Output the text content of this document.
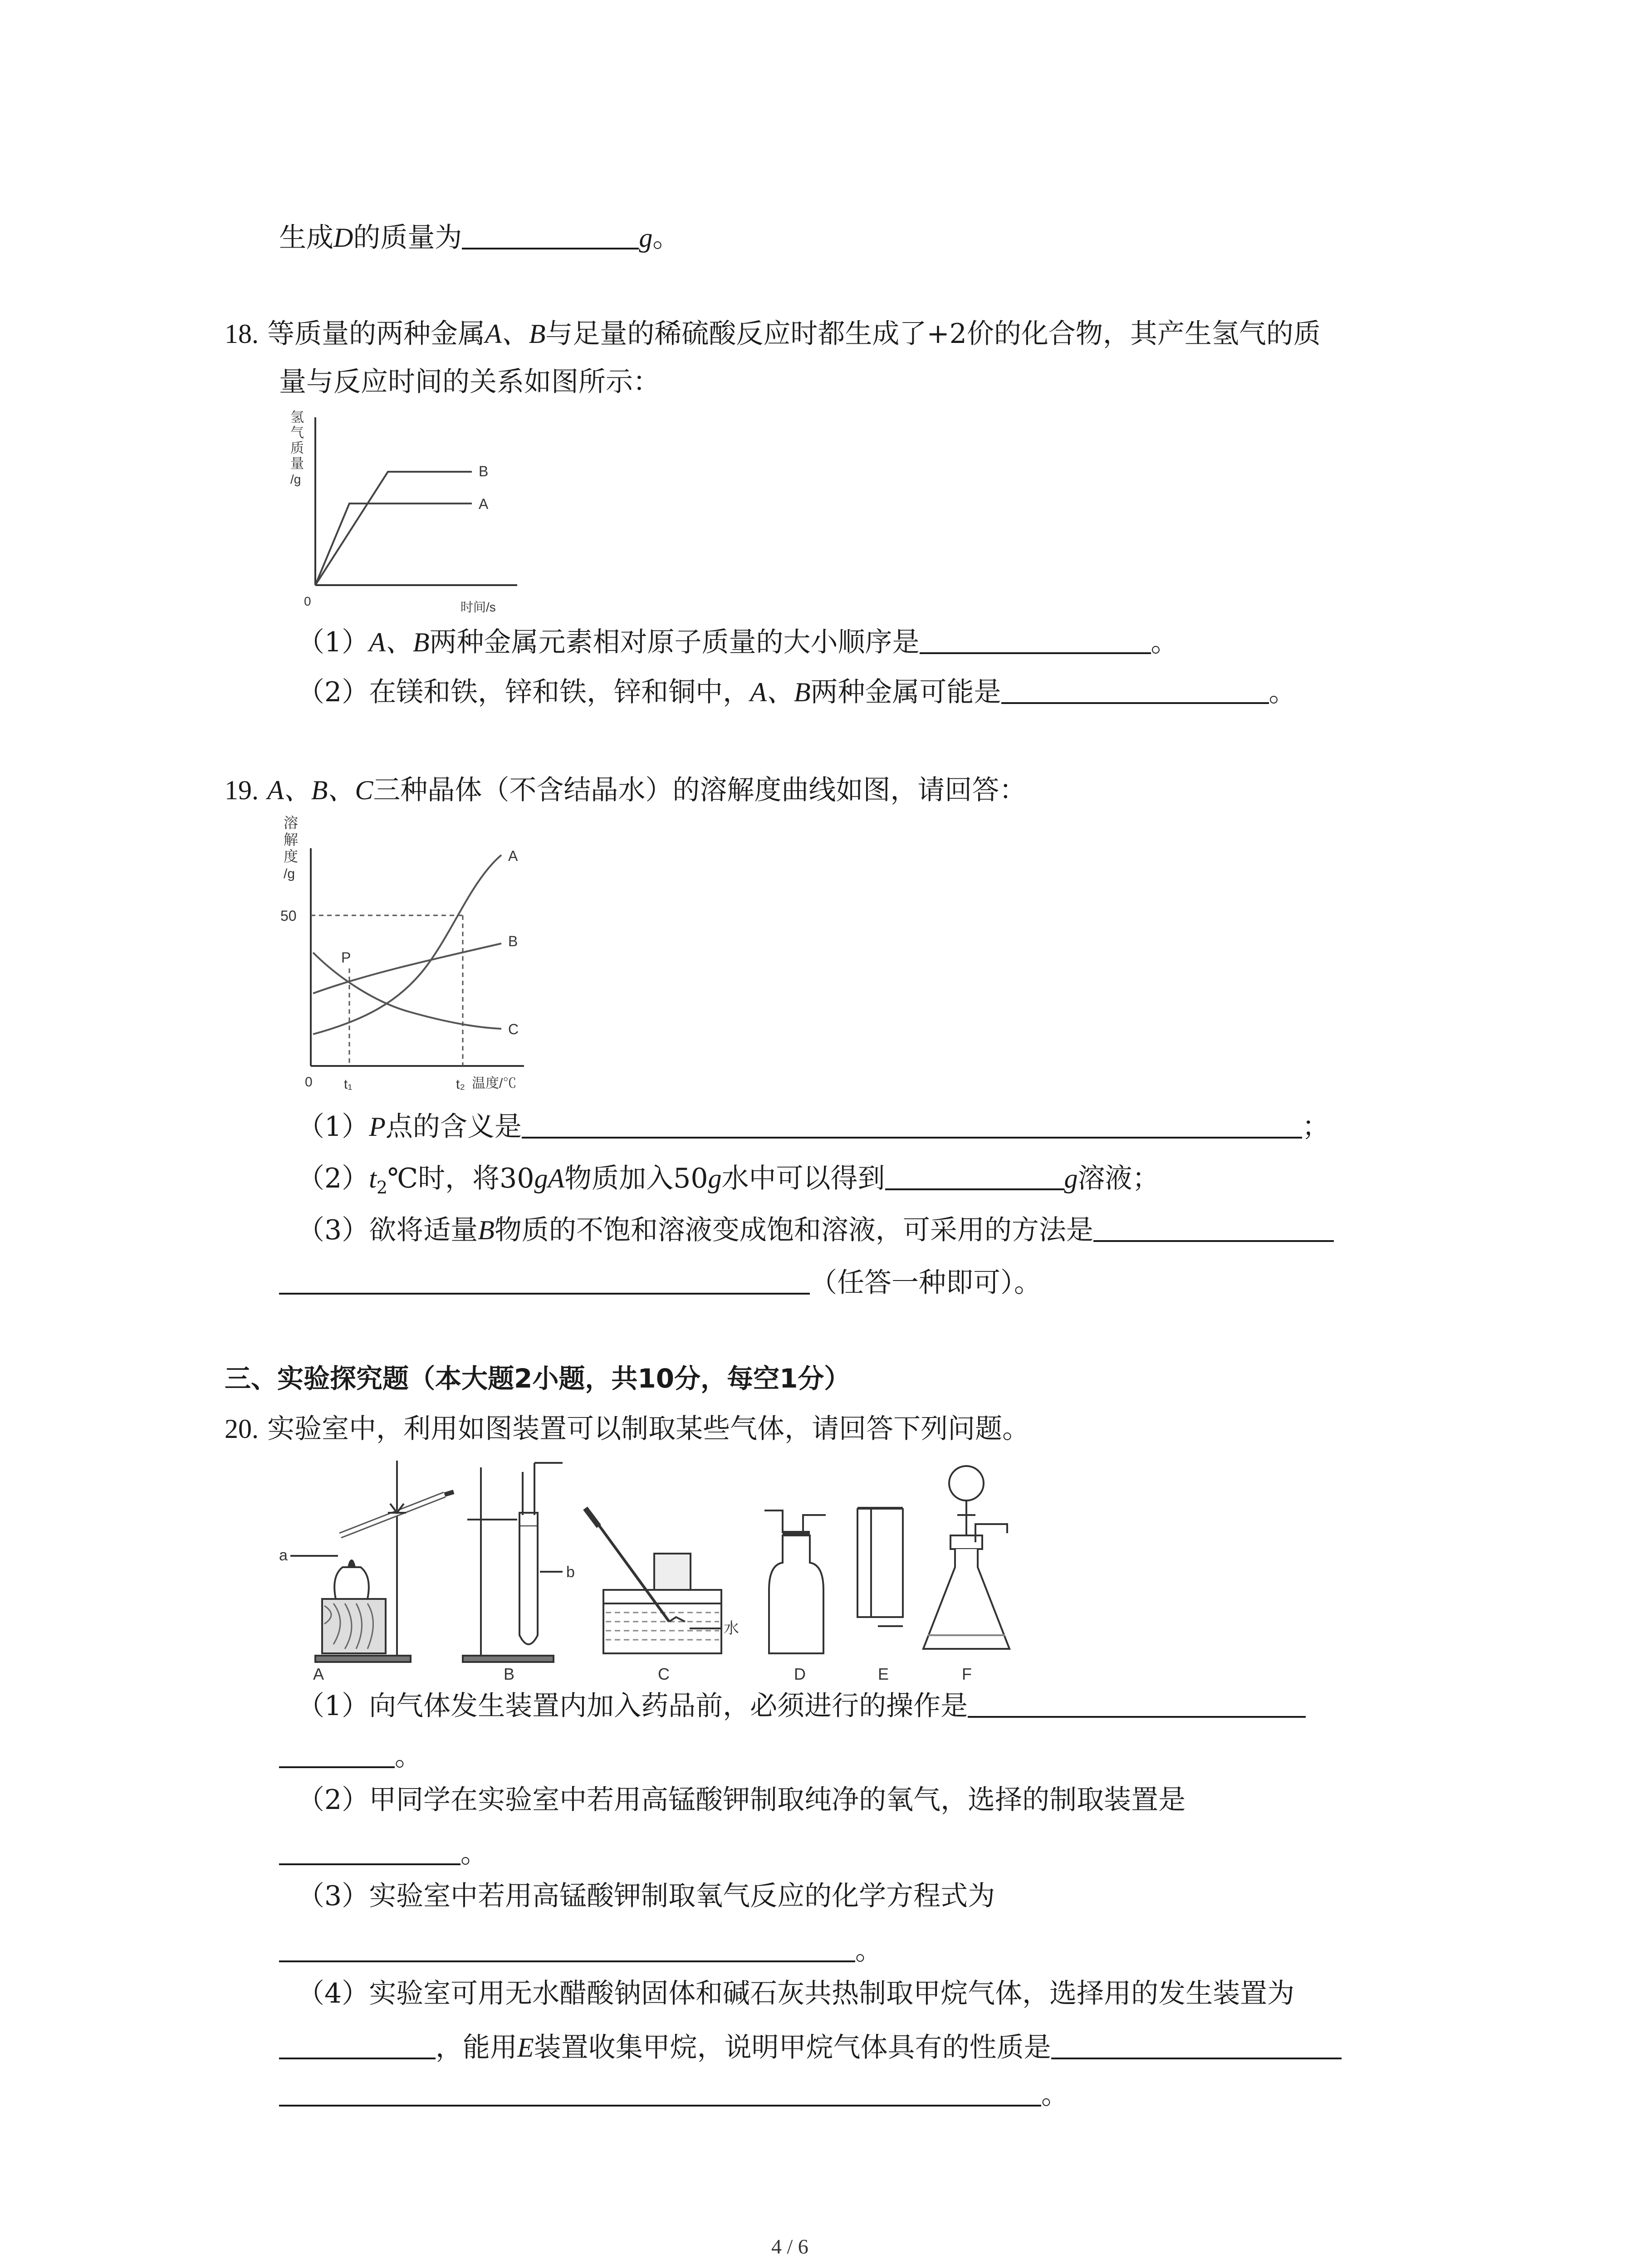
生成D的质量为	g。
18. 等质量的两种金属A、B与足量的稀硫酸反应时都生成了+2价的化合物，其产生氢气的质
量与反应时间的关系如图所示：
氢
气
质
量
/g	B
A
0	时间/s
（1）A、B两种金属元素相对原子质量的大小顺序是	。
（2）在镁和铁，锌和铁，锌和铜中，A、B两种金属可能是	。
19. A、B、C三种晶体（不含结晶水）的溶解度曲线如图，请回答：
溶
解
度
/g
50
A
B
C
P
0 t₁	t₂ 温度/℃
（1）P点的含义是	；
$(2)t_2℃$时，将30gA物质加入50g水中可以得到	g溶液；
（3）欲将适量B物质的不饱和溶液变成饱和溶液，可采用的方法是
（任答一种即可）。
三、实验探究题（本大题2小题，共10分，每空1分）
20. 实验室中，利用如图装置可以制取某些气体，请回答下列问题。
a
b
水
A	B	C	D	E	F
（1）向气体发生装置内加入药品前，必须进行的操作是
。
（2）甲同学在实验室中若用高锰酸钾制取纯净的氧气，选择的制取装置是
。
（3）实验室中若用高锰酸钾制取氧气反应的化学方程式为
。
（4）实验室可用无水醋酸钠固体和碱石灰共热制取甲烷气体，选择用的发生装置为
，能用E装置收集甲烷，说明甲烷气体具有的性质是
。
4 / 6
